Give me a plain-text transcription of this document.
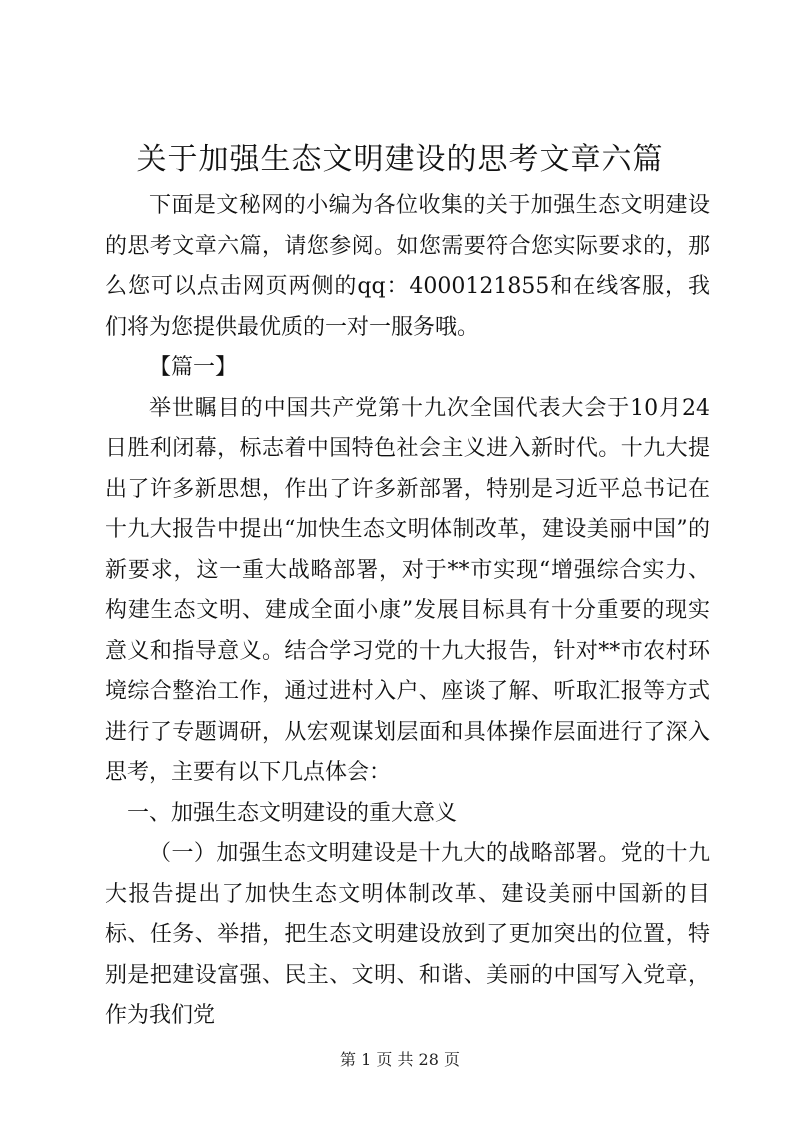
关于加强生态文明建设的思考文章六篇

下面是文秘网的小编为各位收集的关于加强生态文明建设的思考文章六篇，请您参阅。如您需要符合您实际要求的，那么您可以点击网页两侧的qq：4000121855和在线客服，我们将为您提供最优质的一对一服务哦。

【篇一】

举世瞩目的中国共产党第十九次全国代表大会于10月24日胜利闭幕，标志着中国特色社会主义进入新时代。十九大提出了许多新思想，作出了许多新部署，特别是习近平总书记在十九大报告中提出“加快生态文明体制改革，建设美丽中国”的新要求，这一重大战略部署，对于**市实现“增强综合实力、构建生态文明、建成全面小康”发展目标具有十分重要的现实意义和指导意义。结合学习党的十九大报告，针对**市农村环境综合整治工作，通过进村入户、座谈了解、听取汇报等方式进行了专题调研，从宏观谋划层面和具体操作层面进行了深入思考，主要有以下几点体会：

一、加强生态文明建设的重大意义

（一）加强生态文明建设是十九大的战略部署。党的十九大报告提出了加快生态文明体制改革、建设美丽中国新的目标、任务、举措，把生态文明建设放到了更加突出的位置，特别是把建设富强、民主、文明、和谐、美丽的中国写入党章，作为我们党

第 1 页 共 28 页
